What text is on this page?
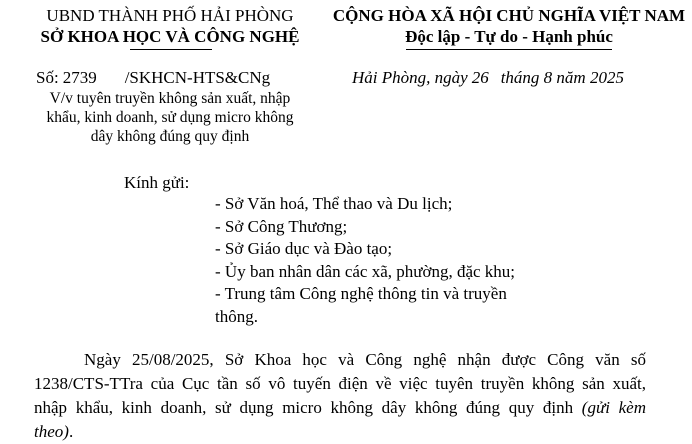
UBND THÀNH PHỐ HẢI PHÒNG
SỞ KHOA HỌC VÀ CÔNG NGHỆ
CỘNG HÒA XÃ HỘI CHỦ NGHĨA VIỆT NAM
Độc lập - Tự do - Hạnh phúc
Số: 2739 /SKHCN-HTS&CNg	Hải Phòng, ngày 26 tháng 8 năm 2025
V/v tuyên truyền không sản xuất, nhập
khẩu, kinh doanh, sử dụng micro không
dây không đúng quy định
Kính gửi:
- Sở Văn hoá, Thể thao và Du lịch;
- Sở Công Thương;
- Sở Giáo dục và Đào tạo;
- Ủy ban nhân dân các xã, phường, đặc khu;
- Trung tâm Công nghệ thông tin và truyền
thông.
Ngày 25/08/2025, Sở Khoa học và Công nghệ nhận được Công văn số
1238/CTS-TTra của Cục tần số vô tuyến điện về việc tuyên truyền không sản xuất,
nhập khẩu, kinh doanh, sử dụng micro không dây không đúng quy định (gửi kèm
theo).
